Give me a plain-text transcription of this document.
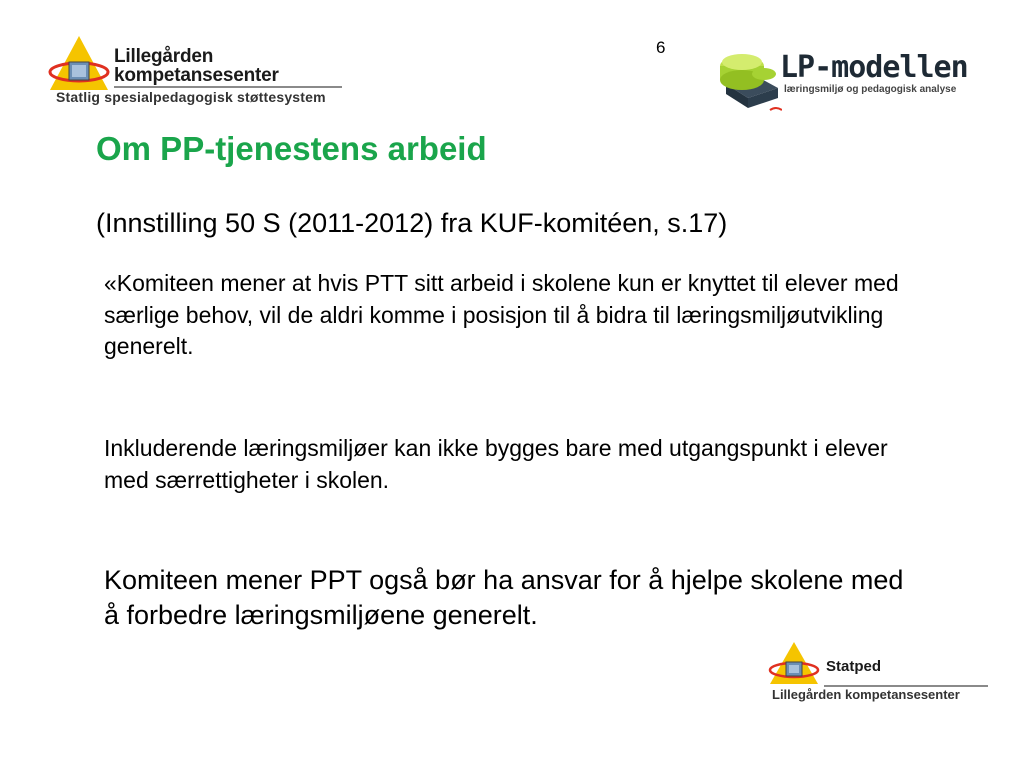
Lillegården
kompetansesenter
Statlig spesialpedagogisk støttesystem
6
LP-modellen
læringsmiljø og pedagogisk analyse
Om PP-tjenestens arbeid
(Innstilling 50 S (2011-2012) fra KUF-komitéen, s.17)
«Komiteen mener at hvis PTT sitt arbeid i skolene kun er knyttet til elever med særlige behov, vil de aldri komme i posisjon til å bidra til læringsmiljøutvikling generelt.
Inkluderende læringsmiljøer kan ikke bygges bare med utgangspunkt i elever med særrettigheter i skolen.
Komiteen mener PPT også bør ha ansvar for å hjelpe skolene med å forbedre læringsmiljøene generelt.
Statped
Lillegården kompetansesenter
